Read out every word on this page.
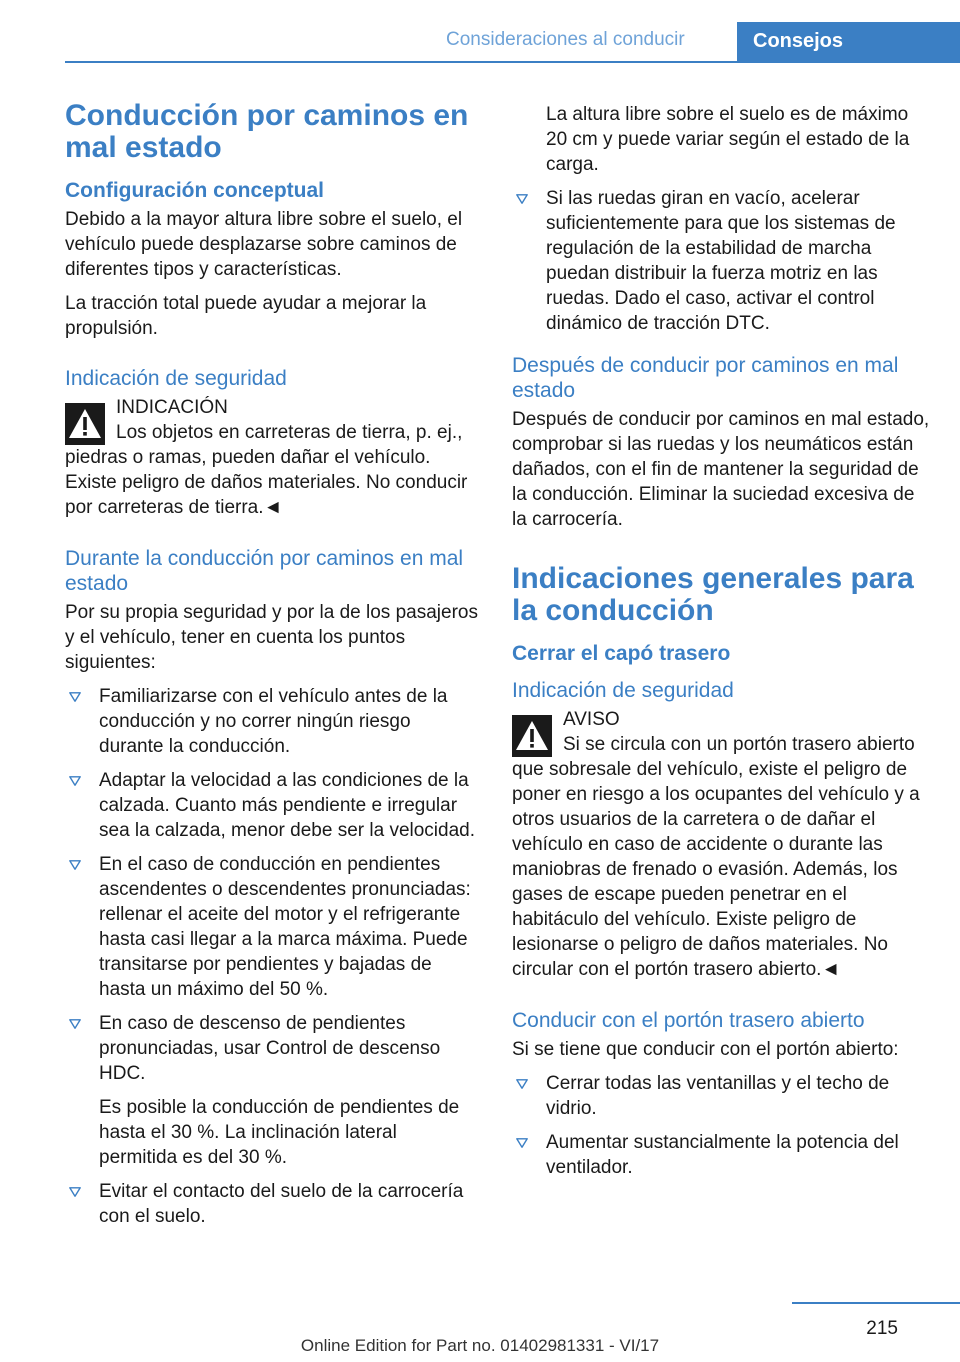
Consideraciones al conducir	Consejos
Conducción por caminos en mal estado
Configuración conceptual
Debido a la mayor altura libre sobre el suelo, el vehículo puede desplazarse sobre caminos de diferentes tipos y características.
La tracción total puede ayudar a mejorar la propulsión.
Indicación de seguridad
INDICACIÓN
Los objetos en carreteras de tierra, p. ej., piedras o ramas, pueden dañar el vehículo. Existe peligro de daños materiales. No conducir por carreteras de tierra.◄
Durante la conducción por caminos en mal estado
Por su propia seguridad y por la de los pasajeros y el vehículo, tener en cuenta los puntos siguientes:
Familiarizarse con el vehículo antes de la conducción y no correr ningún riesgo durante la conducción.
Adaptar la velocidad a las condiciones de la calzada. Cuanto más pendiente e irregular sea la calzada, menor debe ser la velocidad.
En el caso de conducción en pendientes ascendentes o descendentes pronunciadas: rellenar el aceite del motor y el refrigerante hasta casi llegar a la marca máxima. Puede transitarse por pendientes y bajadas de hasta un máximo del 50 %.
En caso de descenso de pendientes pronunciadas, usar Control de descenso HDC.
Es posible la conducción de pendientes de hasta el 30 %. La inclinación lateral permitida es del 30 %.
Evitar el contacto del suelo de la carrocería con el suelo.
La altura libre sobre el suelo es de máximo 20 cm y puede variar según el estado de la carga.
Si las ruedas giran en vacío, acelerar suficientemente para que los sistemas de regulación de la estabilidad de marcha puedan distribuir la fuerza motriz en las ruedas. Dado el caso, activar el control dinámico de tracción DTC.
Después de conducir por caminos en mal estado
Después de conducir por caminos en mal estado, comprobar si las ruedas y los neumáticos están dañados, con el fin de mantener la seguridad de la conducción. Eliminar la suciedad excesiva de la carrocería.
Indicaciones generales para la conducción
Cerrar el capó trasero
Indicación de seguridad
AVISO
Si se circula con un portón trasero abierto que sobresale del vehículo, existe el peligro de poner en riesgo a los ocupantes del vehículo y a otros usuarios de la carretera o de dañar el vehículo en caso de accidente o durante las maniobras de frenado o evasión. Además, los gases de escape pueden penetrar en el habitáculo del vehículo. Existe peligro de lesionarse o peligro de daños materiales. No circular con el portón trasero abierto.◄
Conducir con el portón trasero abierto
Si se tiene que conducir con el portón abierto:
Cerrar todas las ventanillas y el techo de vidrio.
Aumentar sustancialmente la potencia del ventilador.
215
Online Edition for Part no. 01402981331 - VI/17
